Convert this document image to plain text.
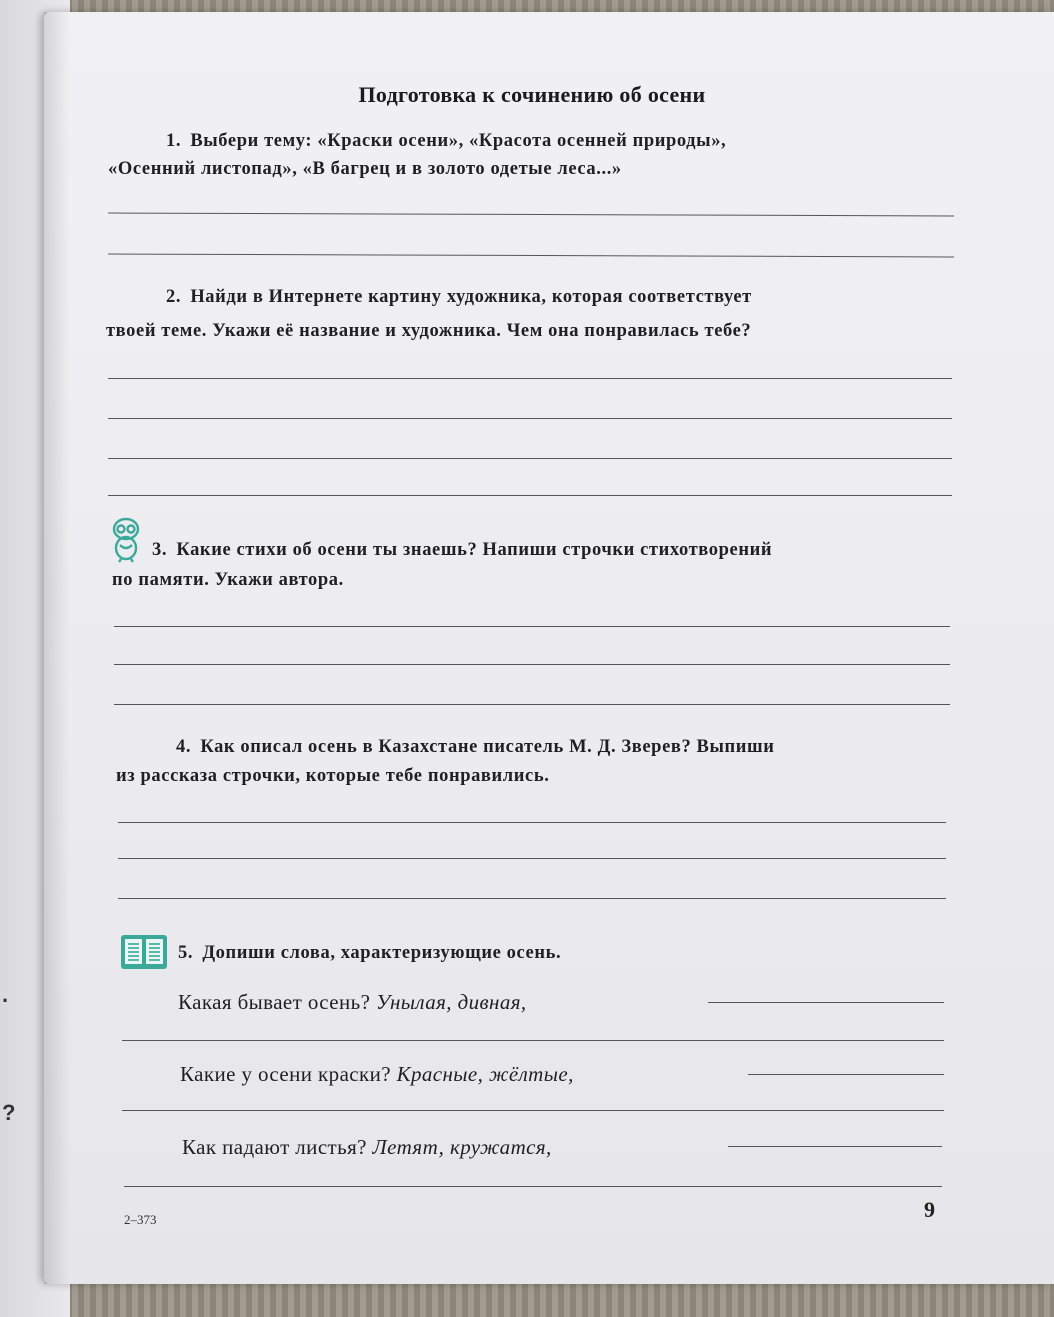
·
?
Подготовка к сочинению об осени
1. Выбери тему: «Краски осени», «Красота осенней природы»,
«Осенний листопад», «В багрец и в золото одетые леса...»
2. Найди в Интернете картину художника, которая соответствует
твоей теме. Укажи её название и художника. Чем она понравилась тебе?
3. Какие стихи об осени ты знаешь? Напиши строчки стихотворений
по памяти. Укажи автора.
4. Как описал осень в Казахстане писатель М. Д. Зверев? Выпиши
из рассказа строчки, которые тебе понравились.
5. Допиши слова, характеризующие осень.
Какая бывает осень? Унылая, дивная,
Какие у осени краски? Красные, жёлтые,
Как падают листья? Летят, кружатся,
2–373	9
